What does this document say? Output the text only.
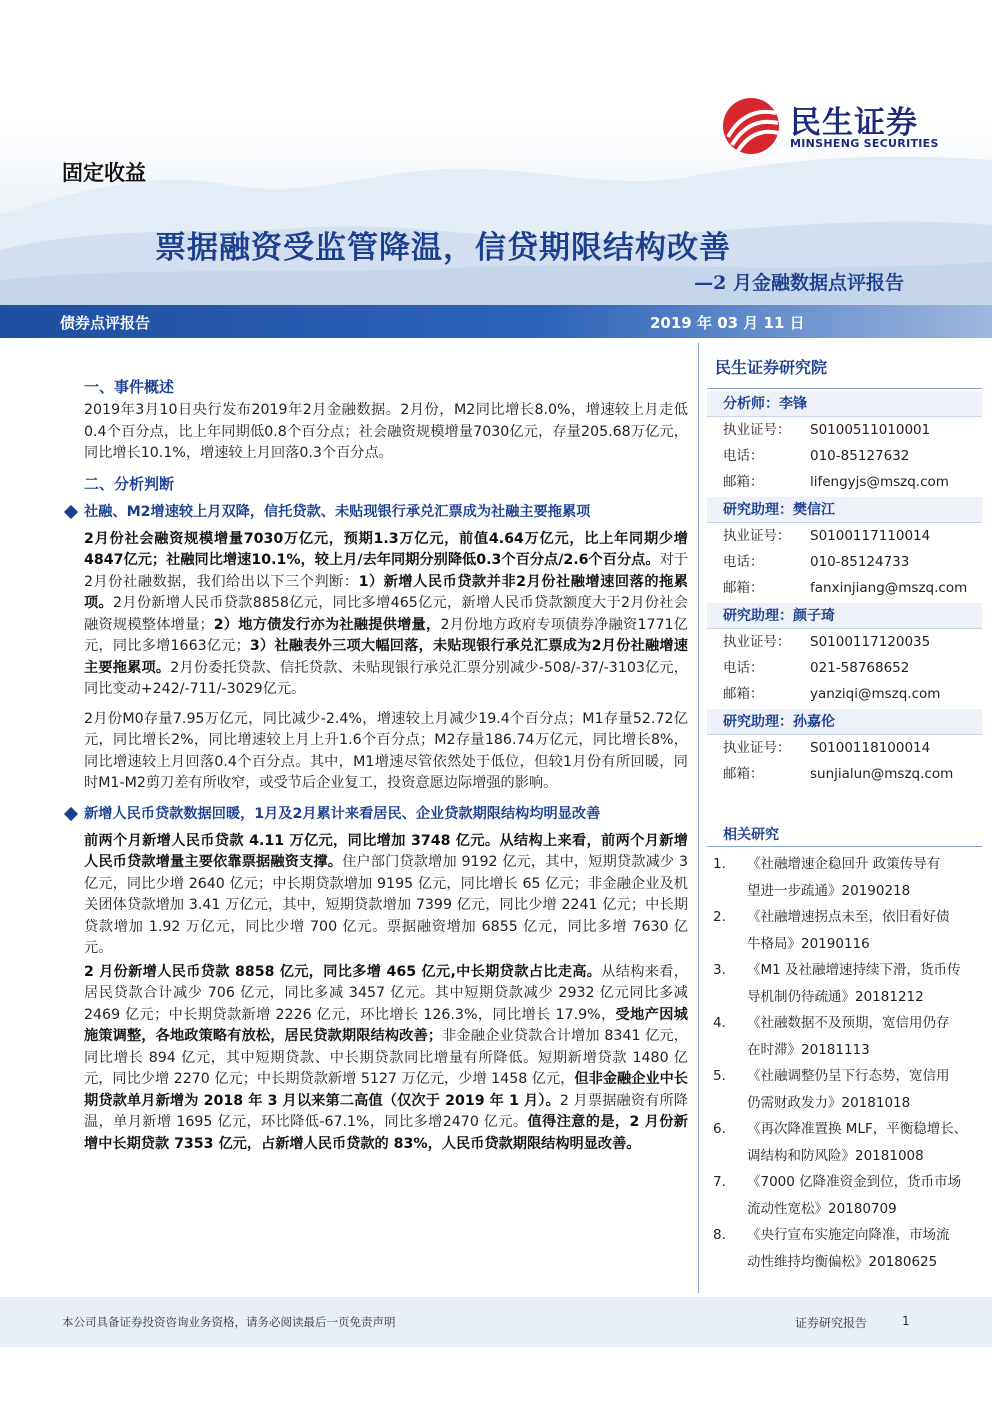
民生证券
MINSHENG SECURITIES
固定收益
票据融资受监管降温，信贷期限结构改善
—2 月金融数据点评报告
债券点评报告	2019 年 03 月 11 日
一、事件概述

2019年3月10日央行发布2019年2月金融数据。2月份，M2同比增长8.0%，增速较上月走低0.4个百分点，比上年同期低0.8个百分点；社会融资规模增量7030亿元，存量205.68万亿元，同比增长10.1%，增速较上月回落0.3个百分点。

二、分析判断
社融、M2增速较上月双降，信托贷款、未贴现银行承兑汇票成为社融主要拖累项

2月份社会融资规模增量7030万亿元，预期1.3万亿元，前值4.64万亿元，比上年同期少增4847亿元；社融同比增速10.1%，较上月/去年同期分别降低0.3个百分点/2.6个百分点。对于2月份社融数据，我们给出以下三个判断：1）新增人民币贷款并非2月份社融增速回落的拖累项。2月份新增人民币贷款8858亿元，同比多增465亿元，新增人民币贷款额度大于2月份社会融资规模整体增量；2）地方债发行亦为社融提供增量，2月份地方政府专项债券净融资1771亿元，同比多增1663亿元；3）社融表外三项大幅回落，未贴现银行承兑汇票成为2月份社融增速主要拖累项。2月份委托贷款、信托贷款、未贴现银行承兑汇票分别减少-508/-37/-3103亿元，同比变动+242/-711/-3029亿元。

2月份M0存量7.95万亿元，同比减少-2.4%，增速较上月减少19.4个百分点；M1存量52.72亿元，同比增长2%，同比增速较上月上升1.6个百分点；M2存量186.74万亿元，同比增长8%，同比增速较上月回落0.4个百分点。其中，M1增速尽管依然处于低位，但较1月份有所回暖，同时M1-M2剪刀差有所收窄，或受节后企业复工，投资意愿边际增强的影响。

新增人民币贷款数据回暖，1月及2月累计来看居民、企业贷款期限结构均明显改善

前两个月新增人民币贷款 4.11 万亿元，同比增加 3748 亿元。从结构上来看，前两个月新增人民币贷款增量主要依靠票据融资支撑。住户部门贷款增加 9192 亿元，其中，短期贷款减少 3 亿元，同比少增 2640 亿元；中长期贷款增加 9195 亿元，同比增长 65 亿元；非金融企业及机关团体贷款增加 3.41 万亿元，其中，短期贷款增加 7399 亿元，同比少增 2241 亿元；中长期贷款增加 1.92 万亿元，同比少增 700 亿元。票据融资增加 6855 亿元，同比多增 7630 亿元。

2 月份新增人民币贷款 8858 亿元，同比多增 465 亿元,中长期贷款占比走高。从结构来看，居民贷款合计减少 706 亿元，同比多减 3457 亿元。其中短期贷款减少 2932 亿元同比多减 2469 亿元；中长期贷款新增 2226 亿元，环比增长 126.3%，同比增长 17.9%，受地产因城施策调整，各地政策略有放松，居民贷款期限结构改善；非金融企业贷款合计增加 8341 亿元，同比增长 894 亿元，其中短期贷款、中长期贷款同比增量有所降低。短期新增贷款 1480 亿元，同比少增 2270 亿元；中长期贷款新增 5127 万亿元，少增 1458 亿元，但非金融企业中长期贷款单月新增为 2018 年 3 月以来第二高值（仅次于 2019 年 1 月）。2 月票据融资有所降温，单月新增 1695 亿元，环比降低-67.1%，同比多增2470 亿元。值得注意的是，2 月份新增中长期贷款 7353 亿元，占新增人民币贷款的 83%，人民币贷款期限结构明显改善。

民生证券研究院
分析师：李锋
执业证号： S0100511010001
电话：	010-85127632
邮箱：	lifengyjs@mszq.com
研究助理：樊信江
执业证号： S0100117110014
电话：	010-85124733
邮箱：	fanxinjiang@mszq.com
研究助理：颜子琦
执业证号： S0100117120035
电话：	021-58768652
邮箱：	yanziqi@mszq.com
研究助理：孙嘉伦
执业证号： S0100118100014
邮箱：	sunjialun@mszq.com
相关研究
1. 《社融增速企稳回升 政策传导有
望进一步疏通》20190218
2. 《社融增速拐点未至，依旧看好债
牛格局》20190116
3. 《M1 及社融增速持续下滑，货币传
导机制仍待疏通》20181212
4. 《社融数据不及预期，宽信用仍存
在时滞》20181113
5. 《社融调整仍呈下行态势，宽信用
仍需财政发力》20181018
6. 《再次降准置换 MLF，平衡稳增长、
调结构和防风险》20181008
7. 《7000 亿降准资金到位，货币市场
流动性宽松》20180709
8. 《央行宣布实施定向降准，市场流
动性维持均衡偏松》20180625
本公司具备证券投资咨询业务资格，请务必阅读最后一页免责声明	证券研究报告	1
